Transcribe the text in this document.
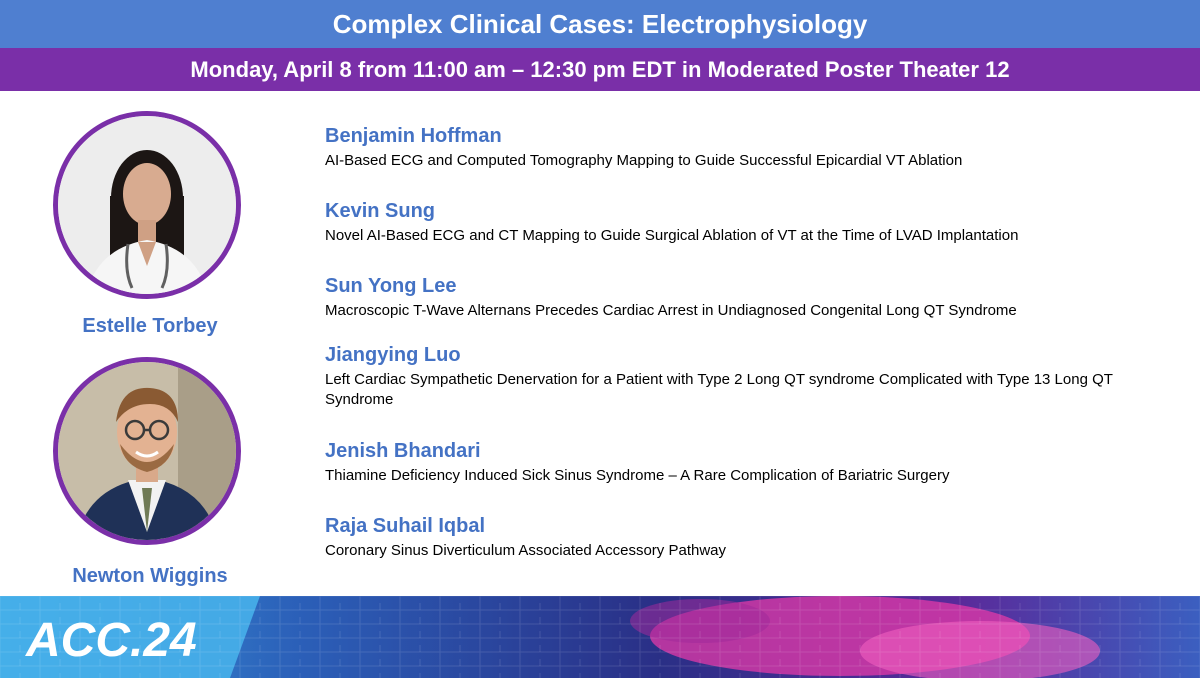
Complex Clinical Cases: Electrophysiology
Monday, April 8 from 11:00 am – 12:30 pm EDT in Moderated Poster Theater 12
Estelle Torbey
Newton Wiggins
Benjamin Hoffman
AI-Based ECG and Computed Tomography Mapping to Guide Successful Epicardial VT Ablation
Kevin Sung
Novel AI-Based ECG and CT Mapping to Guide Surgical Ablation of VT at the Time of LVAD Implantation
Sun Yong Lee
Macroscopic T-Wave Alternans Precedes Cardiac Arrest in Undiagnosed Congenital Long QT Syndrome
Jiangying Luo
Left Cardiac Sympathetic Denervation for a Patient with Type 2 Long QT syndrome Complicated with Type 13 Long QT Syndrome
Jenish Bhandari
Thiamine Deficiency Induced Sick Sinus Syndrome – A Rare Complication of Bariatric Surgery
Raja Suhail Iqbal
Coronary Sinus Diverticulum Associated Accessory Pathway
ACC.24
